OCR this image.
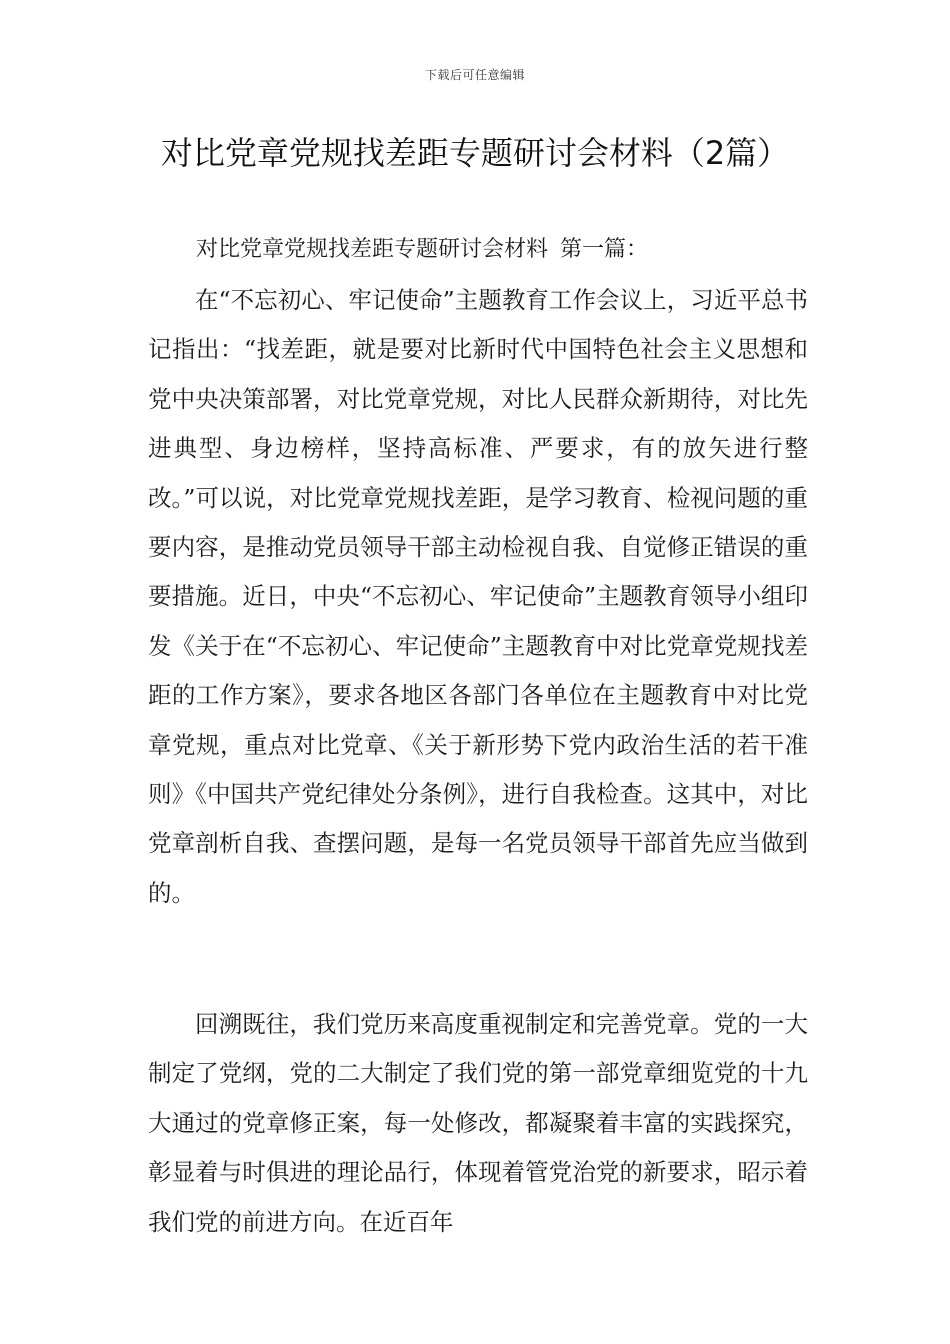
下载后可任意编辑
对比党章党规找差距专题研讨会材料（2篇）
对比党章党规找差距专题研讨会材料 第一篇：

在“不忘初心、牢记使命”主题教育工作会议上，习近平总书记指出：“找差距，就是要对比新时代中国特色社会主义思想和党中央决策部署，对比党章党规，对比人民群众新期待，对比先进典型、身边榜样，坚持高标准、严要求，有的放矢进行整改。”可以说，对比党章党规找差距，是学习教育、检视问题的重要内容，是推动党员领导干部主动检视自我、自觉修正错误的重要措施。近日，中央“不忘初心、牢记使命”主题教育领导小组印发《关于在“不忘初心、牢记使命”主题教育中对比党章党规找差距的工作方案》，要求各地区各部门各单位在主题教育中对比党章党规，重点对比党章、《关于新形势下党内政治生活的若干准则》《中国共产党纪律处分条例》，进行自我检查。这其中，对比党章剖析自我、查摆问题，是每一名党员领导干部首先应当做到的。

回溯既往，我们党历来高度重视制定和完善党章。党的一大制定了党纲，党的二大制定了我们党的第一部党章细览党的十九大通过的党章修正案，每一处修改，都凝聚着丰富的实践探究，彰显着与时俱进的理论品行，体现着管党治党的新要求，昭示着我们党的前进方向。在近百年
